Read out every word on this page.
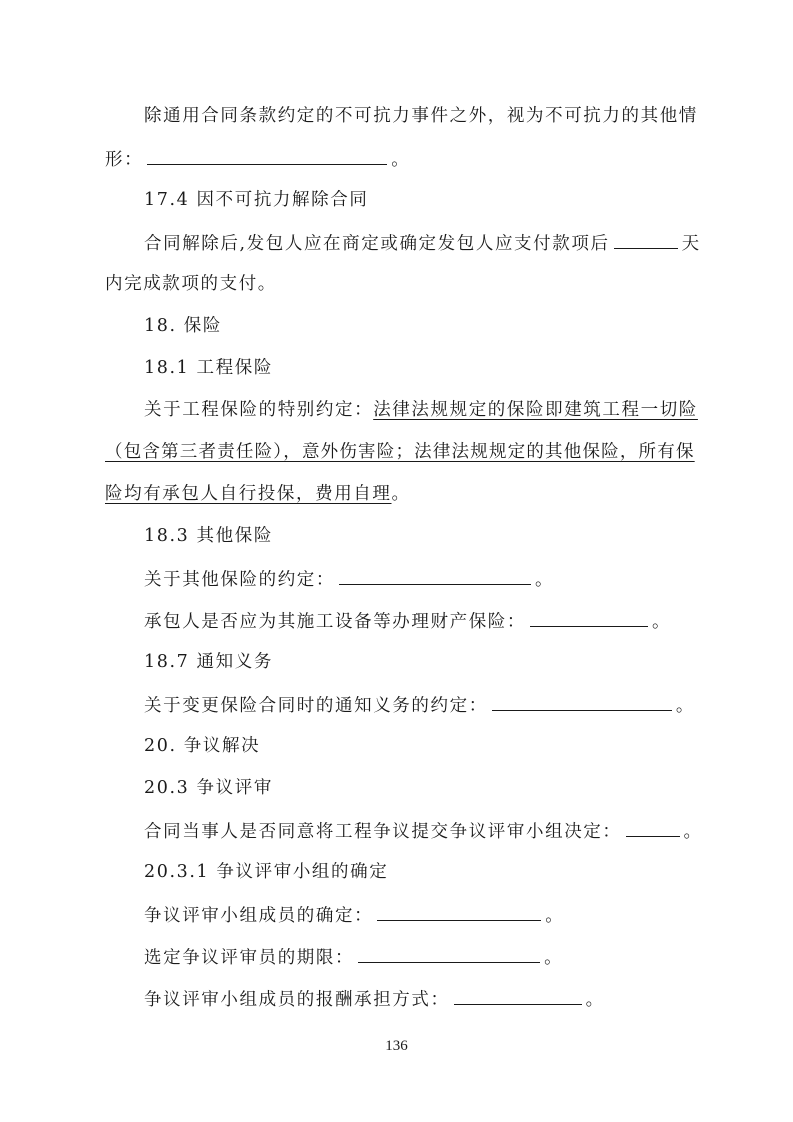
除通用合同条款约定的不可抗力事件之外，视为不可抗力的其他情
形：	。
17.4 因不可抗力解除合同
合同解除后,发包人应在商定或确定发包人应支付款项后	天
内完成款项的支付。
18. 保险
18.1 工程保险
关于工程保险的特别约定：法律法规规定的保险即建筑工程一切险
（包含第三者责任险），意外伤害险；法律法规规定的其他保险，所有保
险均有承包人自行投保，费用自理。
18.3 其他保险
关于其他保险的约定：	。
承包人是否应为其施工设备等办理财产保险：	。
18.7 通知义务
关于变更保险合同时的通知义务的约定：	。
20. 争议解决
20.3 争议评审
合同当事人是否同意将工程争议提交争议评审小组决定：	。
20.3.1 争议评审小组的确定
争议评审小组成员的确定：	。
选定争议评审员的期限：	。
争议评审小组成员的报酬承担方式：	。
136
